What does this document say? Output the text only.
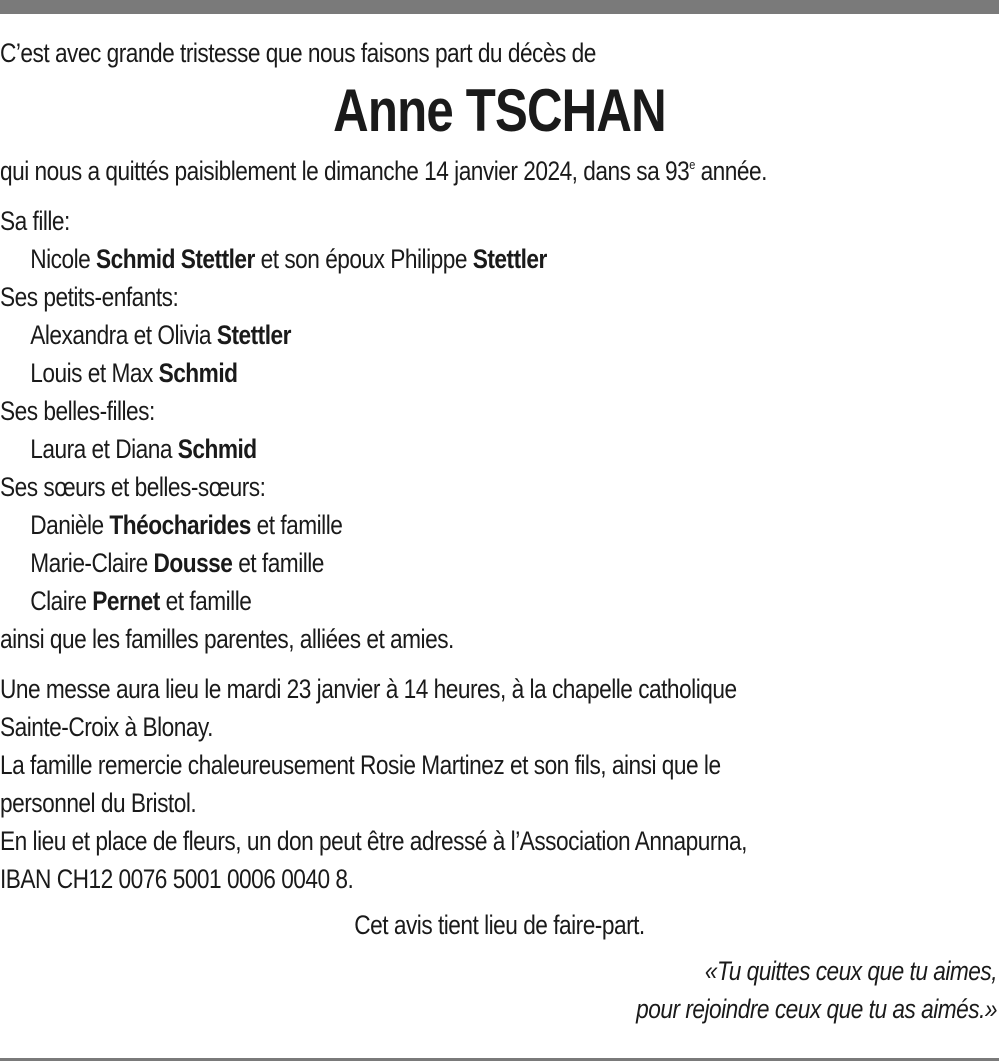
C’est avec grande tristesse que nous faisons part du décès de
Anne TSCHAN
qui nous a quittés paisiblement le dimanche 14 janvier 2024, dans sa 93e année.
Sa fille:
Nicole Schmid Stettler et son époux Philippe Stettler
Ses petits-enfants:
Alexandra et Olivia Stettler
Louis et Max Schmid
Ses belles-filles:
Laura et Diana Schmid
Ses sœurs et belles-sœurs:
Danièle Théocharides et famille
Marie-Claire Dousse et famille
Claire Pernet et famille
ainsi que les familles parentes, alliées et amies.
Une messe aura lieu le mardi 23 janvier à 14 heures, à la chapelle catholique
Sainte-Croix à Blonay.
La famille remercie chaleureusement Rosie Martinez et son fils, ainsi que le
personnel du Bristol.
En lieu et place de fleurs, un don peut être adressé à l’Association Annapurna,
IBAN CH12 0076 5001 0006 0040 8.
Cet avis tient lieu de faire-part.
«Tu quittes ceux que tu aimes,
pour rejoindre ceux que tu as aimés.»
